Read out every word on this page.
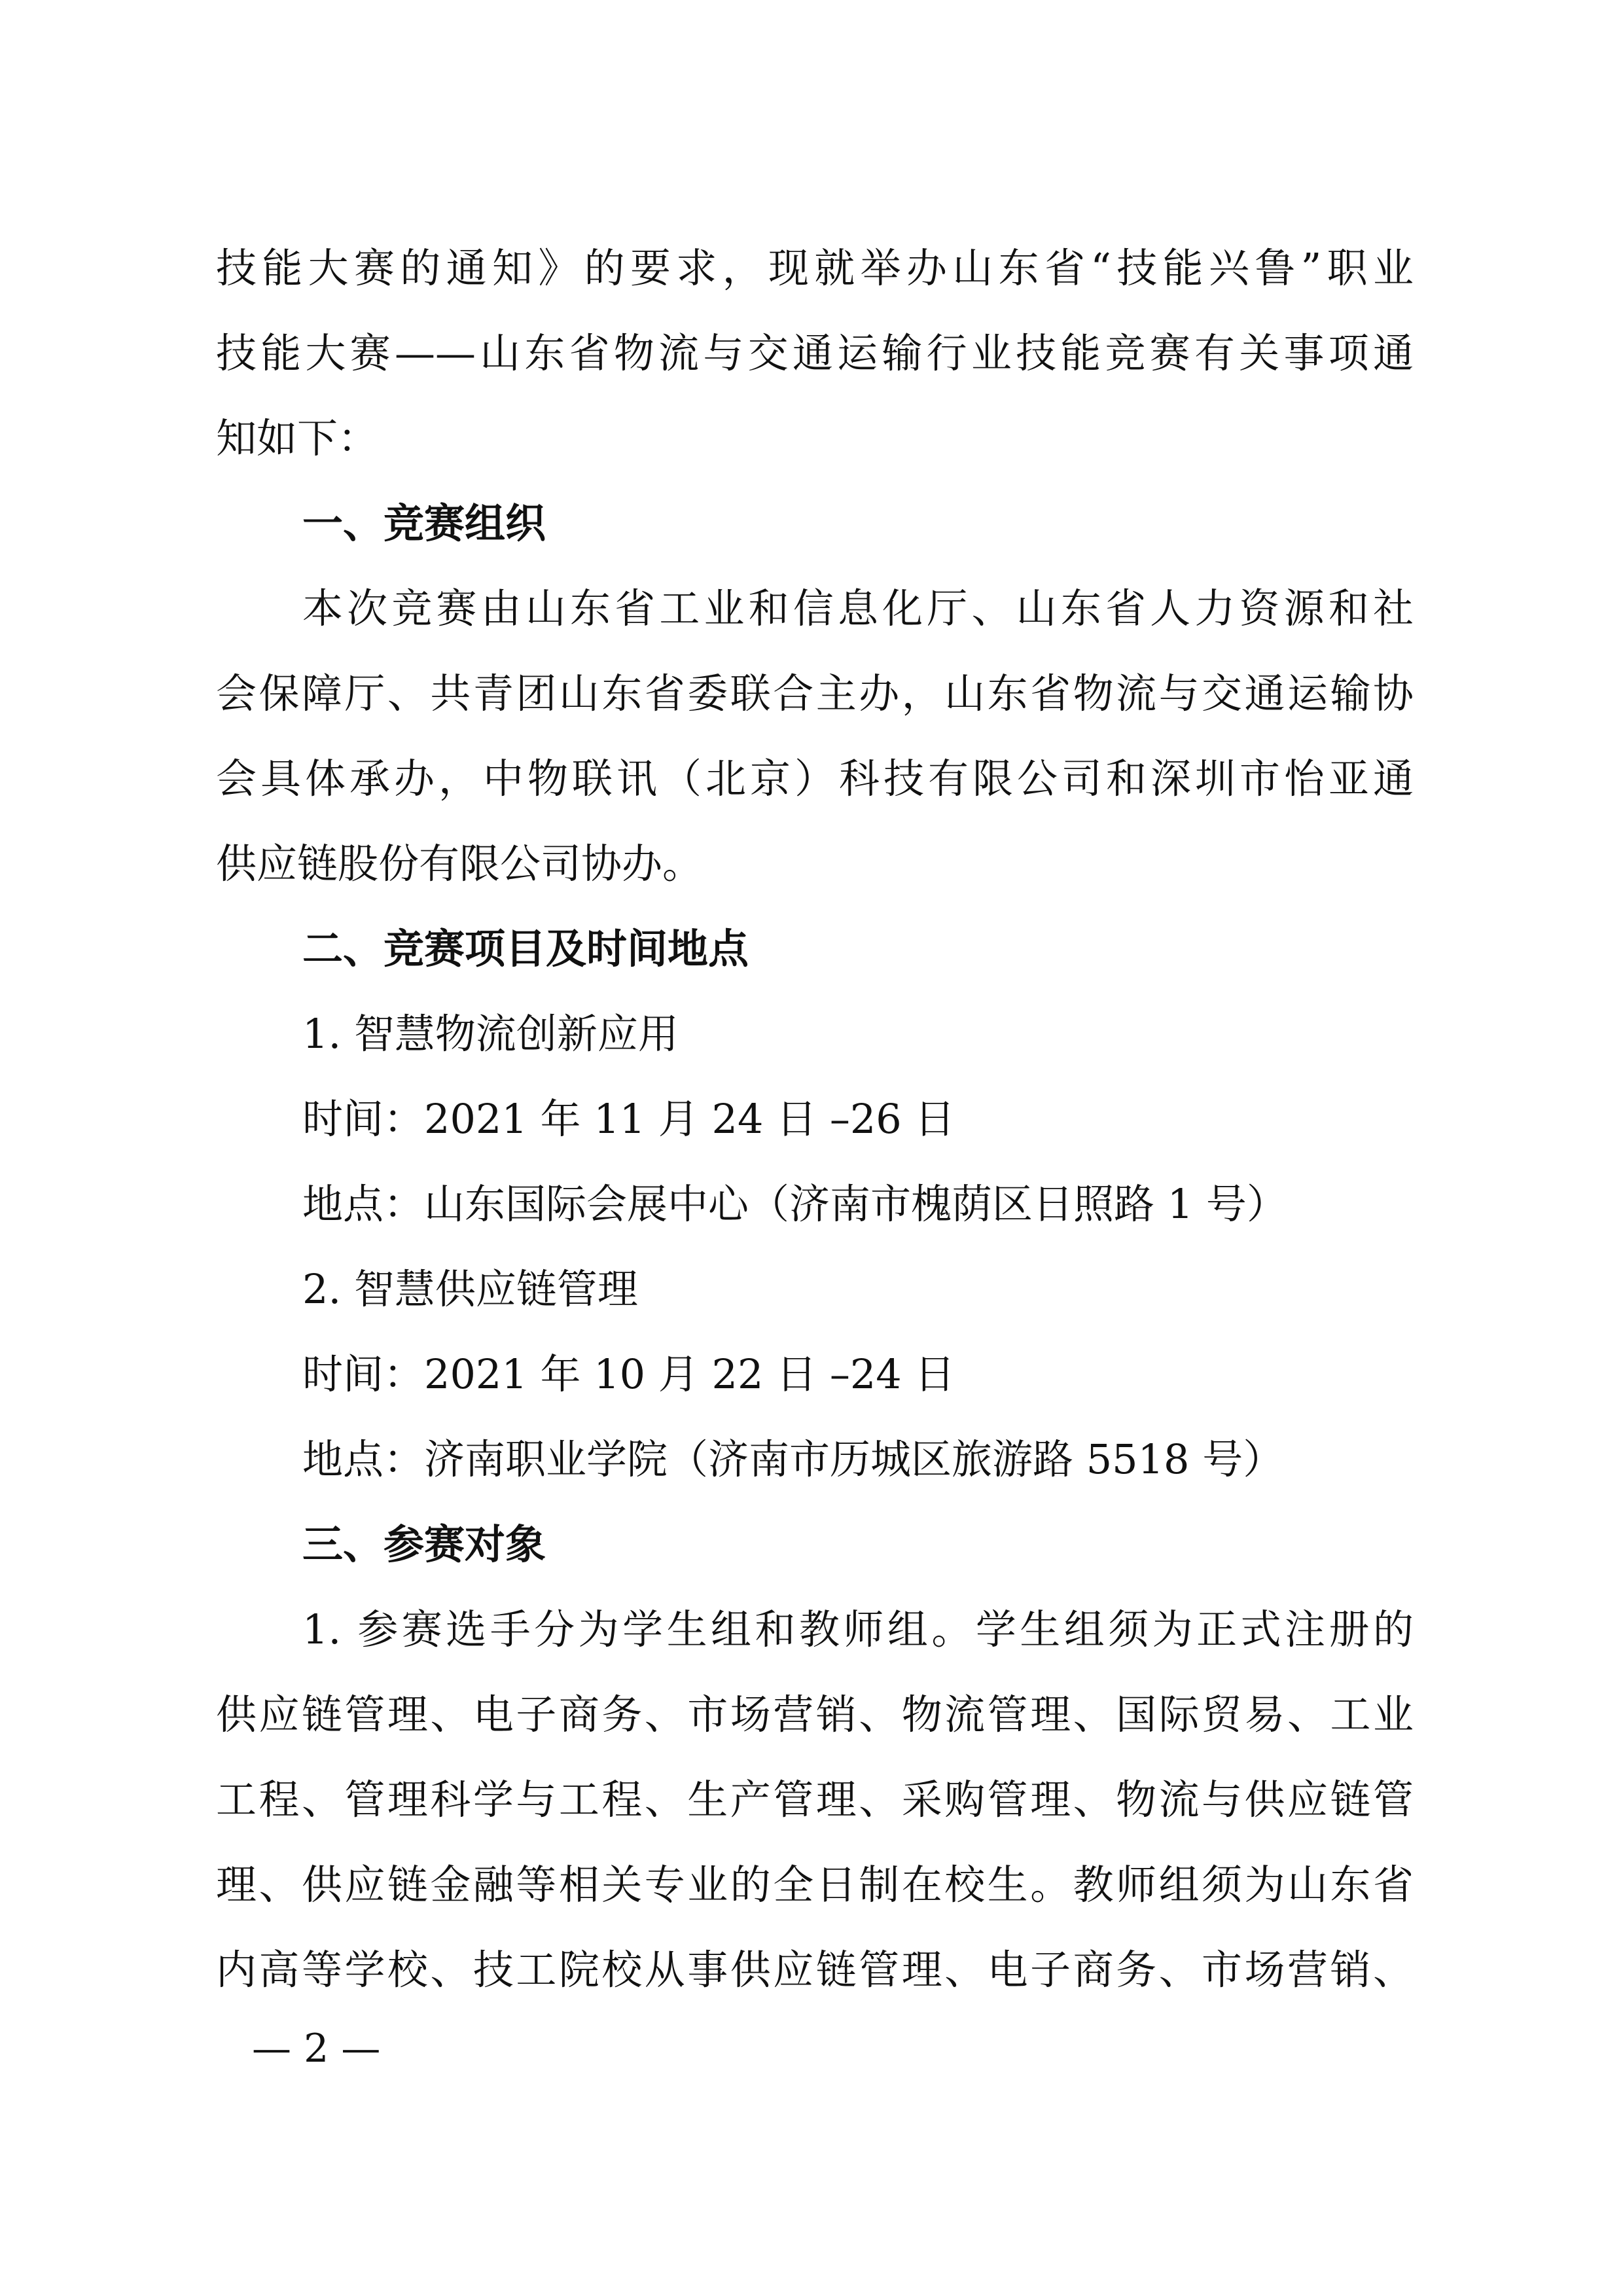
技能大赛的通知》的要求，现就举办山东省“技能兴鲁”职业
技能大赛——山东省物流与交通运输行业技能竞赛有关事项通
知如下：
一、竞赛组织
本次竞赛由山东省工业和信息化厅、山东省人力资源和社
会保障厅、共青团山东省委联合主办，山东省物流与交通运输协
会具体承办，中物联讯（北京）科技有限公司和深圳市怡亚通
供应链股份有限公司协办。
二、竞赛项目及时间地点
1. 智慧物流创新应用
时间：2021 年 11 月 24 日 –26 日
地点：山东国际会展中心（济南市槐荫区日照路 1 号）
2. 智慧供应链管理
时间：2021 年 10 月 22 日 –24 日
地点：济南职业学院（济南市历城区旅游路 5518 号）
三、参赛对象
1. 参赛选手分为学生组和教师组。学生组须为正式注册的
供应链管理、电子商务、市场营销、物流管理、国际贸易、工业
工程、管理科学与工程、生产管理、采购管理、物流与供应链管
理、供应链金融等相关专业的全日制在校生。教师组须为山东省
内高等学校、技工院校从事供应链管理、电子商务、市场营销、
— 2 —
